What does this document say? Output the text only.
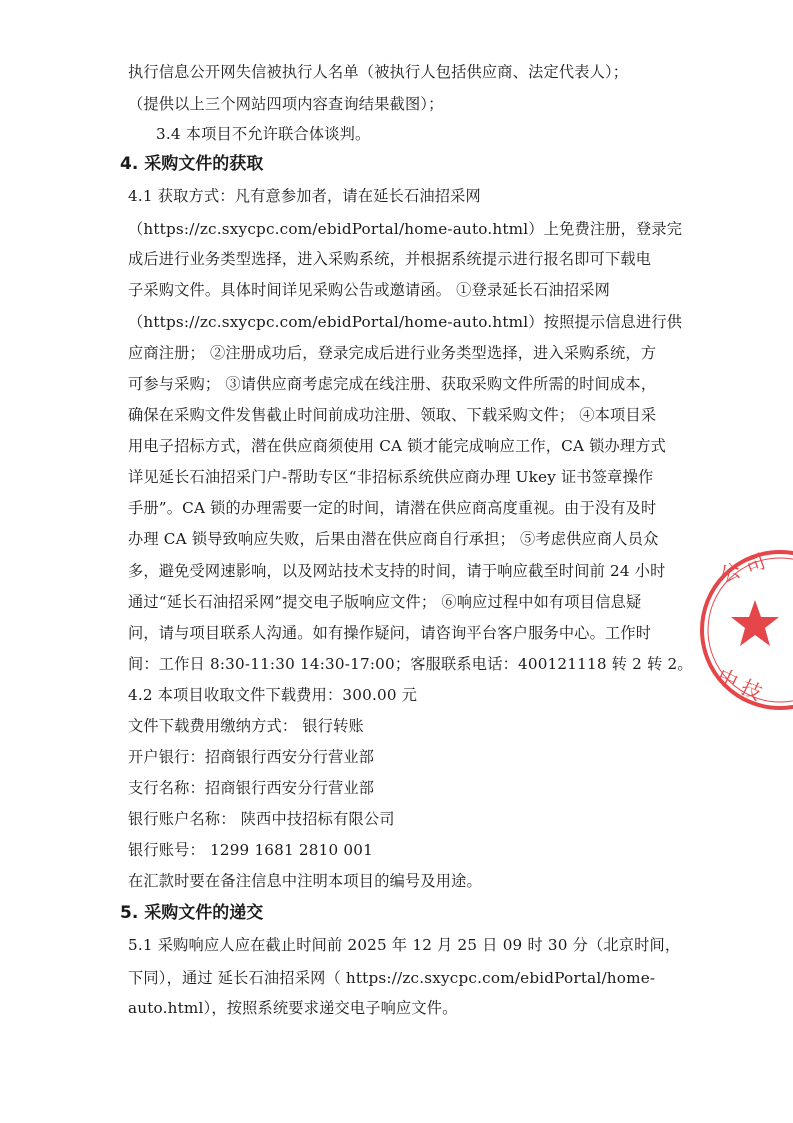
执行信息公开网失信被执行人名单（被执行人包括供应商、法定代表人）；
（提供以上三个网站四项内容查询结果截图）；
3.4 本项目不允许联合体谈判。
4. 采购文件的获取
4.1 获取方式：凡有意参加者，请在延长石油招采网
（https://zc.sxycpc.com/ebidPortal/home-auto.html）上免费注册，登录完
成后进行业务类型选择，进入采购系统，并根据系统提示进行报名即可下载电
子采购文件。具体时间详见采购公告或邀请函。 ①登录延长石油招采网
（https://zc.sxycpc.com/ebidPortal/home-auto.html）按照提示信息进行供
应商注册； ②注册成功后，登录完成后进行业务类型选择，进入采购系统，方
可参与采购； ③请供应商考虑完成在线注册、获取采购文件所需的时间成本，
确保在采购文件发售截止时间前成功注册、领取、下载采购文件； ④本项目采
用电子招标方式，潜在供应商须使用 CA 锁才能完成响应工作，CA 锁办理方式
详见延长石油招采门户-帮助专区“非招标系统供应商办理 Ukey 证书签章操作
手册”。CA 锁的办理需要一定的时间，请潜在供应商高度重视。由于没有及时
办理 CA 锁导致响应失败，后果由潜在供应商自行承担； ⑤考虑供应商人员众
多，避免受网速影响，以及网站技术支持的时间，请于响应截至时间前 24 小时
通过“延长石油招采网”提交电子版响应文件； ⑥响应过程中如有项目信息疑
问，请与项目联系人沟通。如有操作疑问，请咨询平台客户服务中心。工作时
间：工作日 8:30-11:30 14:30-17:00；客服联系电话：400121118 转 2 转 2。
4.2 本项目收取文件下载费用：300.00 元
文件下载费用缴纳方式： 银行转账
开户银行：招商银行西安分行营业部
支行名称：招商银行西安分行营业部
银行账户名称： 陕西中技招标有限公司
银行账号： 1299 1681 2810 001
在汇款时要在备注信息中注明本项目的编号及用途。
5. 采购文件的递交
5.1 采购响应人应在截止时间前 2025 年 12 月 25 日 09 时 30 分（北京时间，
下同），通过 延长石油招采网（ https://zc.sxycpc.com/ebidPortal/home-
auto.html），按照系统要求递交电子响应文件。
公 司
中 技
